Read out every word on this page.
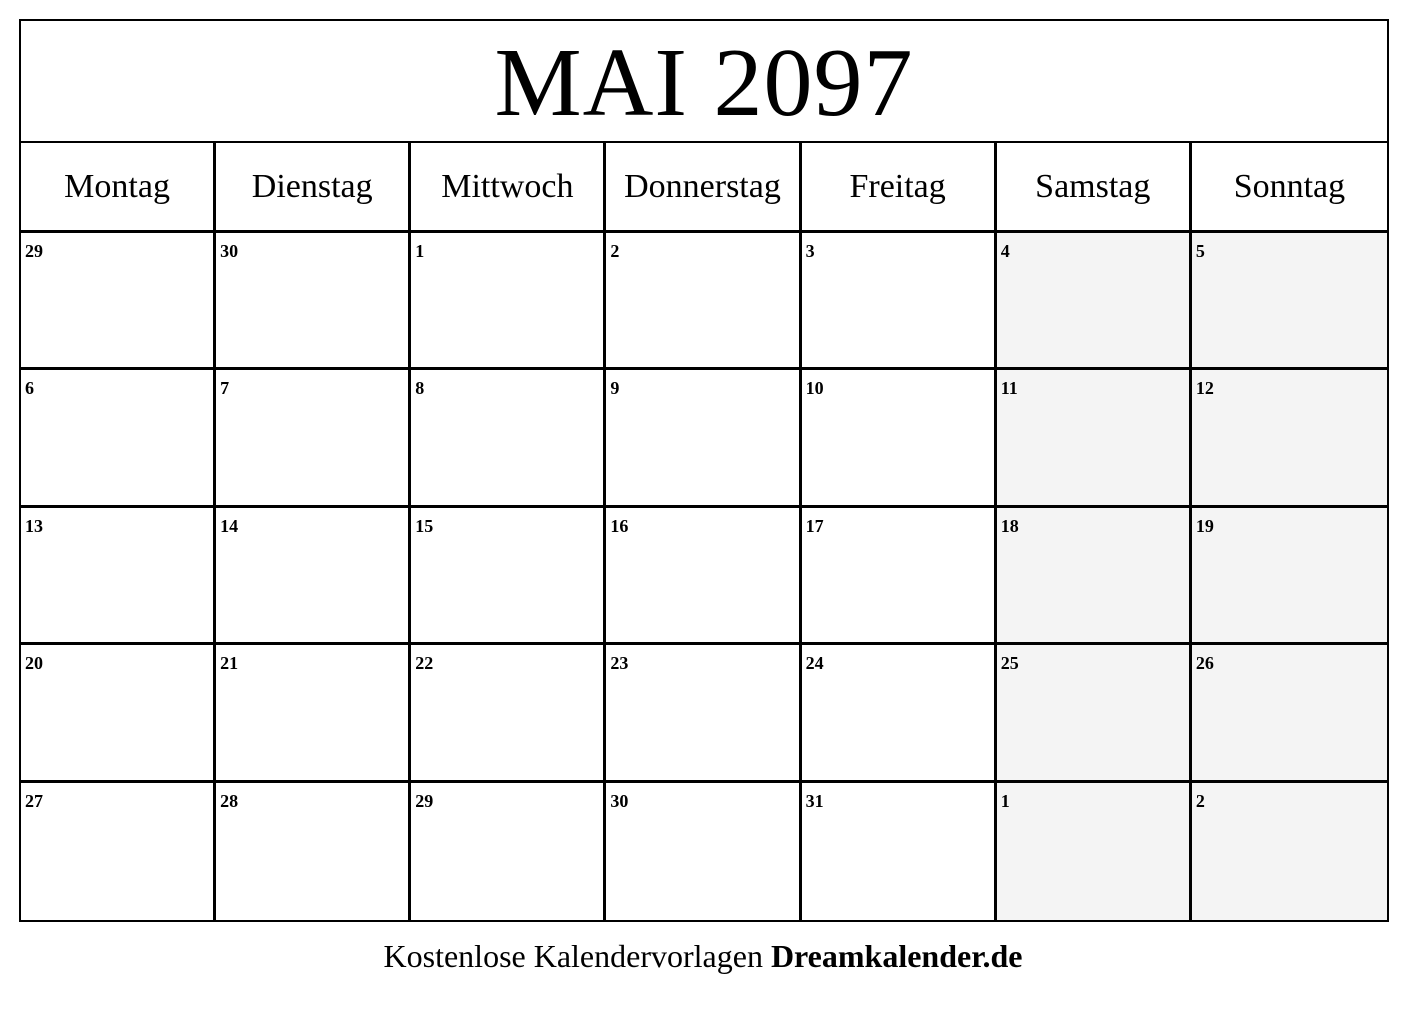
MAI 2097
Montag	Dienstag	Mittwoch	Donnerstag	Freitag	Samstag	Sonntag
29	30	1	2	3	4	5
6	7	8	9	10	11	12
13	14	15	16	17	18	19
20	21	22	23	24	25	26
27	28	29	30	31	1	2
Kostenlose Kalendervorlagen Dreamkalender.de
